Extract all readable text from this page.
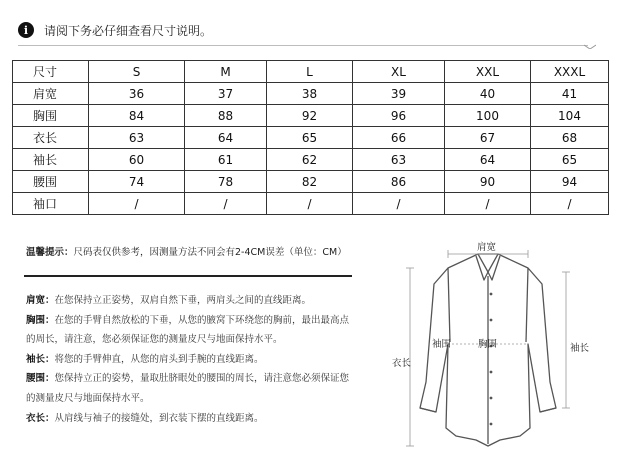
i	请阅下务必仔细查看尺寸说明。
尺寸	S	M	L	XL	XXL	XXXL
肩宽	36	37	38	39	40	41
胸围	84	88	92	96	100	104
衣长	63	64	65	66	67	68
袖长	60	61	62	63	64	65
腰围	74	78	82	86	90	94
袖口	/	/	/	/	/	/
温馨提示：尺码表仅供参考，因测量方法不同会有2-4CM误差（单位：CM）
肩宽：在您保持立正姿势，双肩自然下垂，两肩头之间的直线距离。
胸围：在您的手臂自然放松的下垂，从您的腋窝下环绕您的胸前，最出最高点的周长，请注意，您必须保证您的测量皮尺与地面保持水平。
袖长：将您的手臂伸直，从您的肩头到手腕的直线距离。
腰围：您保持立正的姿势，量取肚脐眼处的腰围的周长，请注意您必须保证您的测量皮尺与地面保持水平。
衣长：从肩线与袖子的接缝处，到衣装下摆的直线距离。
肩宽
袖围	胸围
衣长
袖长
